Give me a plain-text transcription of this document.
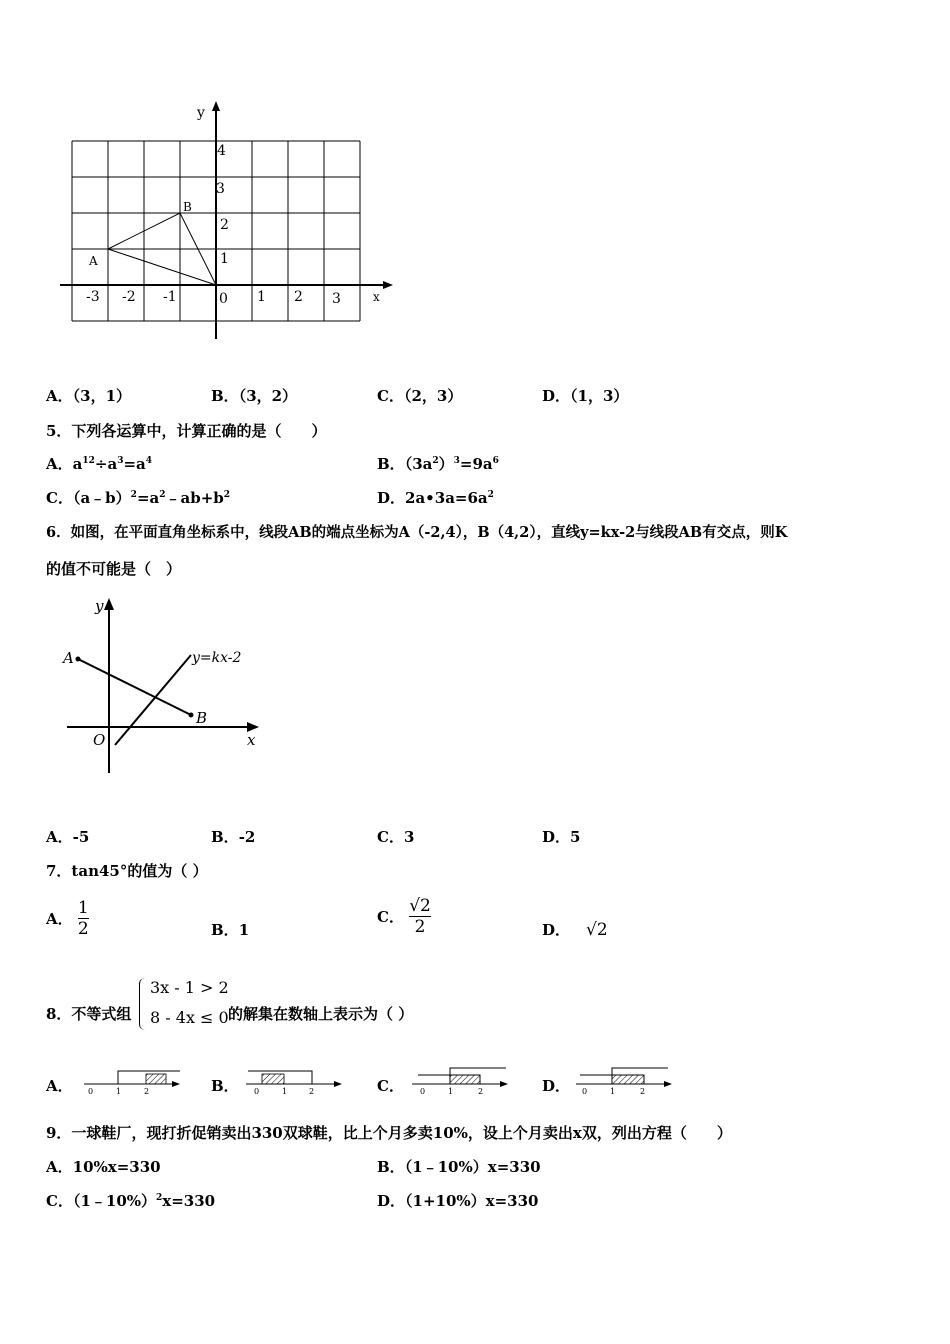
y
x
A
B
-3 -2 -1	0 1 2 3
1
2
3
4
A．（3，1）	B．（3，2）	C．（2，3）	D．（1，3）
5．下列各运算中，计算正确的是（　　）
A．$a^{12}\div a^3=a^4$	B．$(3a^2)^3=9a^6$
C．$(a﹣b)^2=a^2﹣ab+b^2$	D．$2a•3a=6a^2$
6．如图，在平面直角坐标系中，线段AB的端点坐标为A（-2,4），B（4,2），直线y=kx-2与线段AB有交点，则K
的值不可能是（　）
y
x
O
A
B
y=kx-2
A．-5	B．-2	C．3	D．5
7．tan45°的值为（ ）
A． $\frac{1}{2}$	B．1
C． $\frac{√2}{2}$	D． √2
8．不等式组
3x - 1 > 2
8 - 4x ≤ 0 的解集在数轴上表示为（ ）
A． 0	1	2	B． 0	1	2	C． 0	1	2	D． 0	1	2
9．一球鞋厂，现打折促销卖出330双球鞋，比上个月多卖10%，设上个月卖出x双，列出方程（　　）
A．10%x=330	B．（1﹣10%）x=330
C．（1﹣10%）$^2$x=330	D．（1+10%）x=330
